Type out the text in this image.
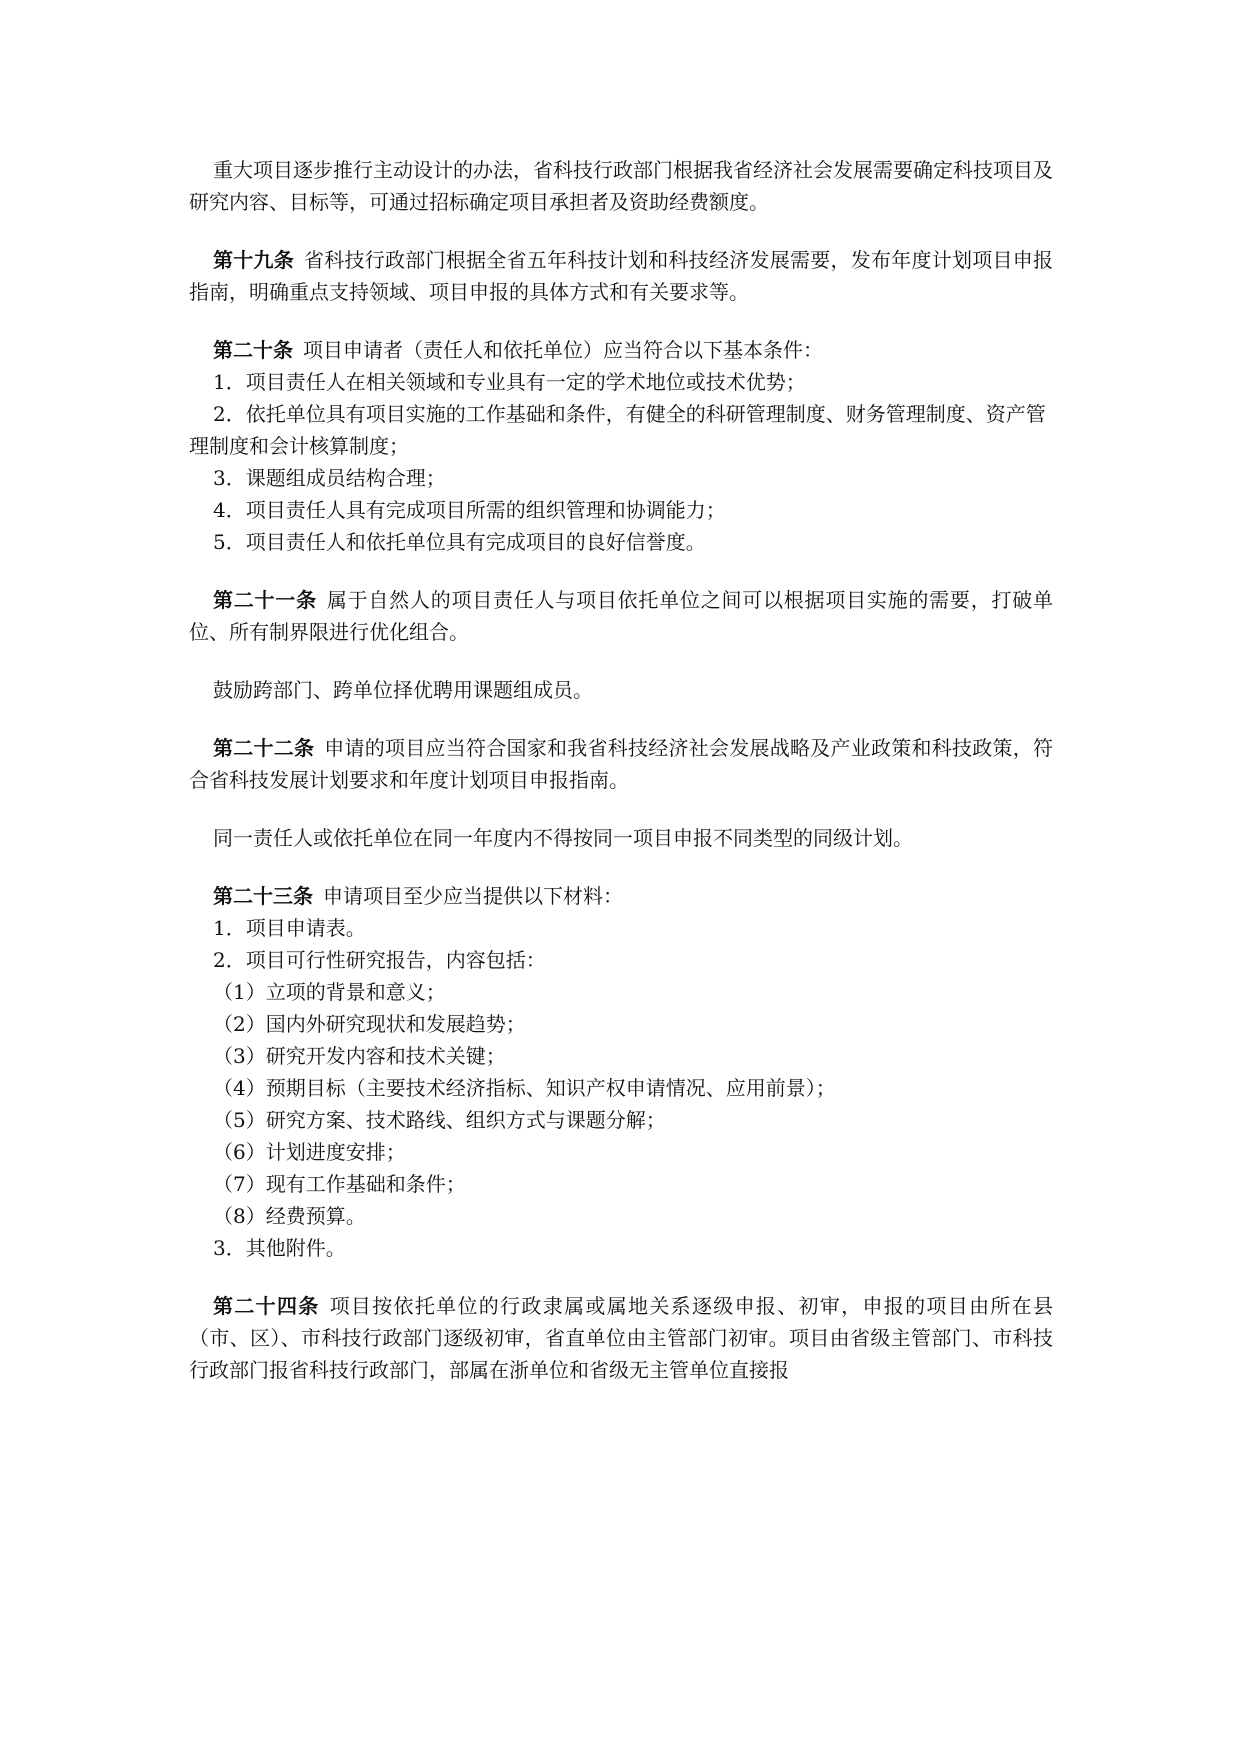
重大项目逐步推行主动设计的办法，省科技行政部门根据我省经济社会发展需要确定科技项目及研究内容、目标等，可通过招标确定项目承担者及资助经费额度。

第十九条 省科技行政部门根据全省五年科技计划和科技经济发展需要，发布年度计划项目申报指南，明确重点支持领域、项目申报的具体方式和有关要求等。

第二十条 项目申请者（责任人和依托单位）应当符合以下基本条件：

1．项目责任人在相关领域和专业具有一定的学术地位或技术优势；

2．依托单位具有项目实施的工作基础和条件，有健全的科研管理制度、财务管理制度、资产管理制度和会计核算制度；

3．课题组成员结构合理；

4．项目责任人具有完成项目所需的组织管理和协调能力；

5．项目责任人和依托单位具有完成项目的良好信誉度。

第二十一条 属于自然人的项目责任人与项目依托单位之间可以根据项目实施的需要，打破单位、所有制界限进行优化组合。

鼓励跨部门、跨单位择优聘用课题组成员。

第二十二条 申请的项目应当符合国家和我省科技经济社会发展战略及产业政策和科技政策，符合省科技发展计划要求和年度计划项目申报指南。

同一责任人或依托单位在同一年度内不得按同一项目申报不同类型的同级计划。

第二十三条 申请项目至少应当提供以下材料：

1．项目申请表。

2．项目可行性研究报告，内容包括：

（1）立项的背景和意义；

（2）国内外研究现状和发展趋势；

（3）研究开发内容和技术关键；

（4）预期目标（主要技术经济指标、知识产权申请情况、应用前景）；

（5）研究方案、技术路线、组织方式与课题分解；

（6）计划进度安排；

（7）现有工作基础和条件；

（8）经费预算。

3．其他附件。

第二十四条 项目按依托单位的行政隶属或属地关系逐级申报、初审，申报的项目由所在县（市、区）、市科技行政部门逐级初审，省直单位由主管部门初审。项目由省级主管部门、市科技行政部门报省科技行政部门，部属在浙单位和省级无主管单位直接报
